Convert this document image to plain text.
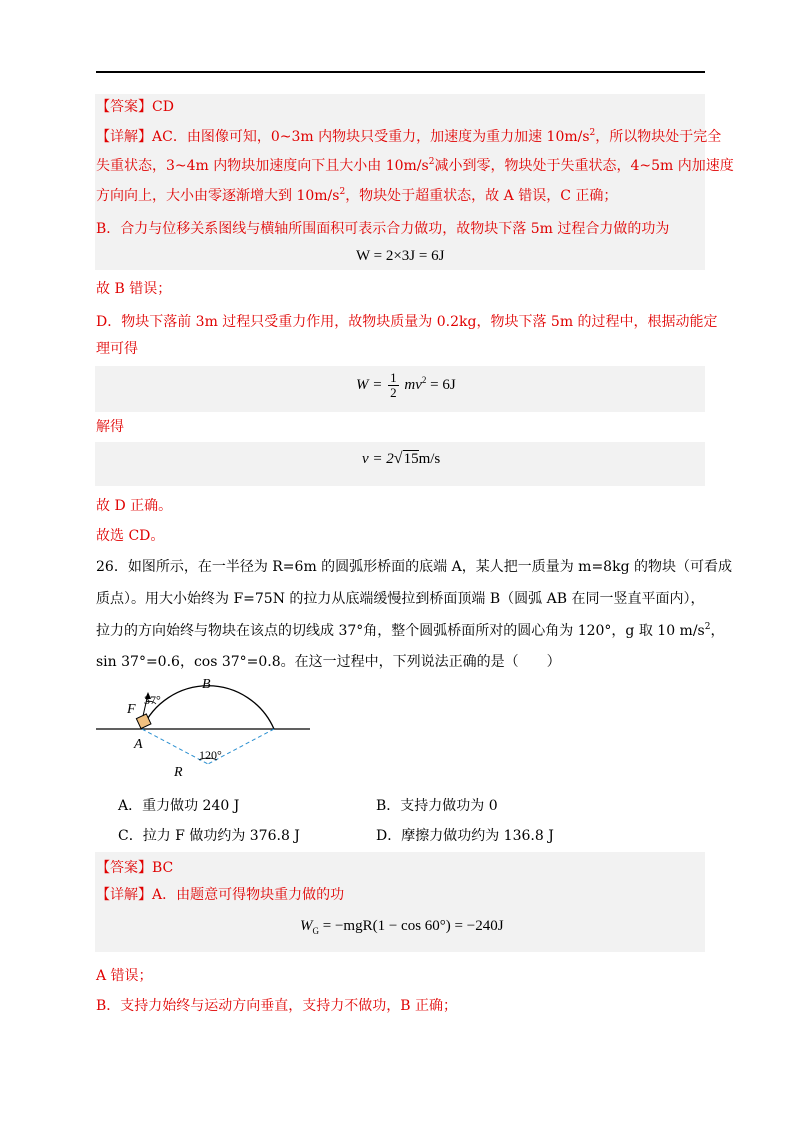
【答案】CD
【详解】AC．由图像可知，0~3m 内物块只受重力，加速度为重力加速 $10m/s^2$，所以物块处于完全
失重状态，3~4m 内物块加速度向下且大小由 $10m/s^2$减小到零，物块处于失重状态，4~5m 内加速度
方向向上，大小由零逐渐增大到 $10m/s^2$，物块处于超重状态，故 A 错误，C 正确；
B．合力与位移关系图线与横轴所围面积可表示合力做功，故物块下落 5m 过程合力做的功为
W = 2×3J = 6J
故 B 错误；
D．物块下落前 3m 过程只受重力作用，故物块质量为 0.2kg，物块下落 5m 的过程中，根据动能定
理可得
$W = \frac{1}{2} mv^2 = 6J$
解得
v = 2√15m/s
故 D 正确。
故选 CD。
26．如图所示，在一半径为 R=6m 的圆弧形桥面的底端 A，某人把一质量为 m=8kg 的物块（可看成
质点）。用大小始终为 F=75N 的拉力从底端缓慢拉到桥面顶端 B（圆弧 AB 在同一竖直平面内），
拉力的方向始终与物块在该点的切线成 37°角，整个圆弧桥面所对的圆心角为 120°，g 取 10 $m/s^2$，
sin 37°=0.6，cos 37°=0.8。在这一过程中，下列说法正确的是（　　）
B
37°
F
A
120°
R
A．重力做功 240 J	B．支持力做功为 0
C．拉力 F 做功约为 376.8 J	D．摩擦力做功约为 136.8 J
【答案】BC
【详解】A．由题意可得物块重力做的功
$W_G = -mgR(1 - \cos 60^\circ) = -240J$
A 错误；
B．支持力始终与运动方向垂直，支持力不做功，B 正确；
